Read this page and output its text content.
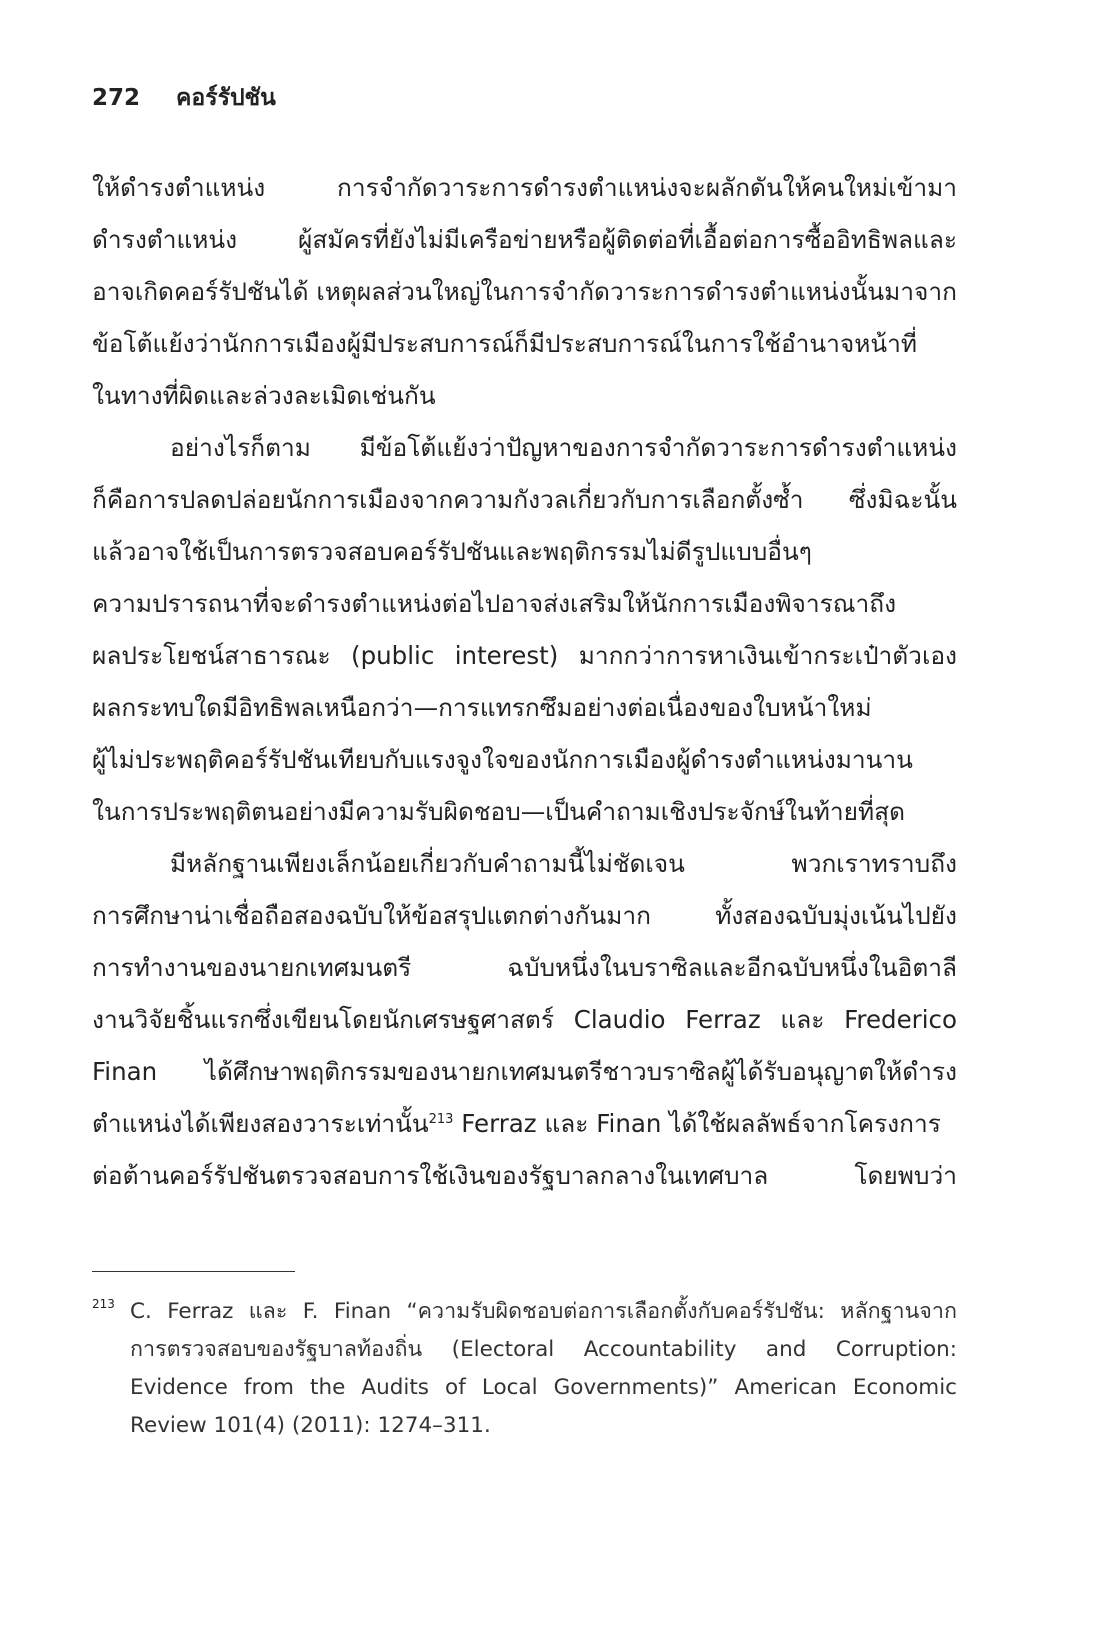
272 คอร์รัปชัน
ให้ดำรงตำแหน่ง การจำกัดวาระการดำรงตำแหน่งจะผลักดันให้คนใหม่เข้ามา
ดำรงตำแหน่ง ผู้สมัครที่ยังไม่มีเครือข่ายหรือผู้ติดต่อที่เอื้อต่อการซื้ออิทธิพลและ
อาจเกิดคอร์รัปชันได้ เหตุผลส่วนใหญ่ในการจำกัดวาระการดำรงตำแหน่งนั้นมาจาก
ข้อโต้แย้งว่านักการเมืองผู้มีประสบการณ์ก็มีประสบการณ์ในการใช้อำนาจหน้าที่
ในทางที่ผิดและล่วงละเมิดเช่นกัน
อย่างไรก็ตาม มีข้อโต้แย้งว่าปัญหาของการจำกัดวาระการดำรงตำแหน่ง
ก็คือการปลดปล่อยนักการเมืองจากความกังวลเกี่ยวกับการเลือกตั้งซ้ำ ซึ่งมิฉะนั้น
แล้วอาจใช้เป็นการตรวจสอบคอร์รัปชันและพฤติกรรมไม่ดีรูปแบบอื่นๆ
ความปรารถนาที่จะดำรงตำแหน่งต่อไปอาจส่งเสริมให้นักการเมืองพิจารณาถึง
ผลประโยชน์สาธารณะ (public interest) มากกว่าการหาเงินเข้ากระเป๋าตัวเอง
ผลกระทบใดมีอิทธิพลเหนือกว่า—การแทรกซึมอย่างต่อเนื่องของใบหน้าใหม่
ผู้ไม่ประพฤติคอร์รัปชันเทียบกับแรงจูงใจของนักการเมืองผู้ดำรงตำแหน่งมานาน
ในการประพฤติตนอย่างมีความรับผิดชอบ—เป็นคำถามเชิงประจักษ์ในท้ายที่สุด
มีหลักฐานเพียงเล็กน้อยเกี่ยวกับคำถามนี้ไม่ชัดเจน พวกเราทราบถึง
การศึกษาน่าเชื่อถือสองฉบับให้ข้อสรุปแตกต่างกันมาก ทั้งสองฉบับมุ่งเน้นไปยัง
การทำงานของนายกเทศมนตรี ฉบับหนึ่งในบราซิลและอีกฉบับหนึ่งในอิตาลี
งานวิจัยชิ้นแรกซึ่งเขียนโดยนักเศรษฐศาสตร์ Claudio Ferraz และ Frederico
Finan ได้ศึกษาพฤติกรรมของนายกเทศมนตรีชาวบราซิลผู้ได้รับอนุญาตให้ดำรง
ตำแหน่งได้เพียงสองวาระเท่านั้น$^{213}$ Ferraz และ Finan ได้ใช้ผลลัพธ์จากโครงการ
ต่อต้านคอร์รัปชันตรวจสอบการใช้เงินของรัฐบาลกลางในเทศบาล โดยพบว่า
213 C. Ferraz และ F. Finan “ความรับผิดชอบต่อการเลือกตั้งกับคอร์รัปชัน: หลักฐานจาก
การตรวจสอบของรัฐบาลท้องถิ่น (Electoral Accountability and Corruption:
Evidence from the Audits of Local Governments)” American Economic
Review 101(4) (2011): 1274–311.
